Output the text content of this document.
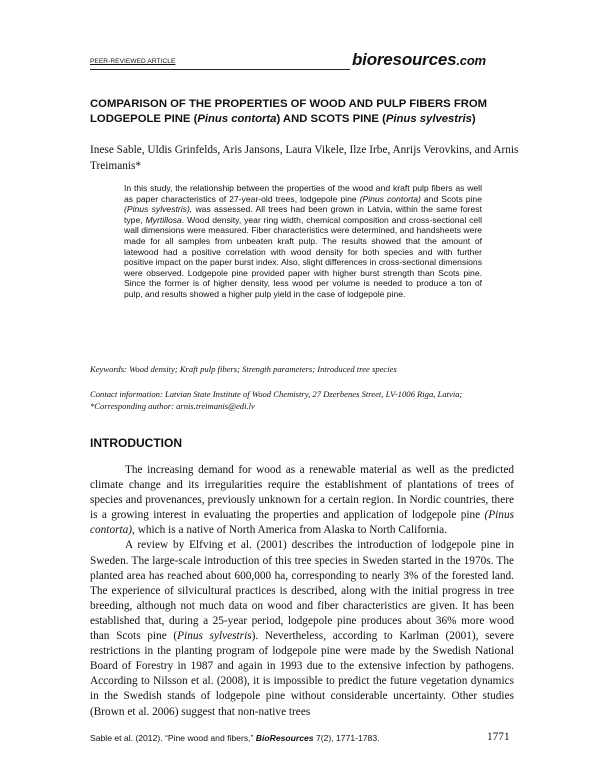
PEER-REVIEWED ARTICLE	bioresources.com
COMPARISON OF THE PROPERTIES OF WOOD AND PULP FIBERS FROM LODGEPOLE PINE (Pinus contorta) AND SCOTS PINE (Pinus sylvestris)
Inese Sable, Uldis Grinfelds, Aris Jansons, Laura Vikele, Ilze Irbe, Anrijs Verovkins, and Arnis Treimanis*
In this study, the relationship between the properties of the wood and kraft pulp fibers as well as paper characteristics of 27-year-old trees, lodgepole pine (Pinus contorta) and Scots pine (Pinus sylvestris), was assessed. All trees had been grown in Latvia, within the same forest type, Myrtillosa. Wood density, year ring width, chemical composition and cross-sectional cell wall dimensions were measured. Fiber characteristics were determined, and handsheets were made for all samples from unbeaten kraft pulp. The results showed that the amount of latewood had a positive correlation with wood density for both species and with further positive impact on the paper burst index. Also, slight differences in cross-sectional dimensions were observed. Lodgepole pine provided paper with higher burst strength than Scots pine. Since the former is of higher density, less wood per volume is needed to produce a ton of pulp, and results showed a higher pulp yield in the case of lodgepole pine.
Keywords: Wood density; Kraft pulp fibers; Strength parameters; Introduced tree species
Contact information: Latvian State Institute of Wood Chemistry, 27 Dzerbenes Street, LV-1006 Riga, Latvia; *Corresponding author: arnis.treimanis@edi.lv
INTRODUCTION

The increasing demand for wood as a renewable material as well as the predicted climate change and its irregularities require the establishment of plantations of trees of species and provenances, previously unknown for a certain region. In Nordic countries, there is a growing interest in evaluating the properties and application of lodgepole pine (Pinus contorta), which is a native of North America from Alaska to North California.

A review by Elfving et al. (2001) describes the introduction of lodgepole pine in Sweden. The large-scale introduction of this tree species in Sweden started in the 1970s. The planted area has reached about 600,000 ha, corresponding to nearly 3% of the forested land. The experience of silvicultural practices is described, along with the initial progress in tree breeding, although not much data on wood and fiber characteristics are given. It has been established that, during a 25-year period, lodgepole pine produces about 36% more wood than Scots pine (Pinus sylvestris). Nevertheless, according to Karlman (2001), severe restrictions in the planting program of lodgepole pine were made by the Swedish National Board of Forestry in 1987 and again in 1993 due to the extensive infection by pathogens. According to Nilsson et al. (2008), it is impossible to predict the future vegetation dynamics in the Swedish stands of lodgepole pine without considerable uncertainty. Other studies (Brown et al. 2006) suggest that non-native trees

Sable et al. (2012). “Pine wood and fibers,” BioResources 7(2), 1771-1783.	1771
